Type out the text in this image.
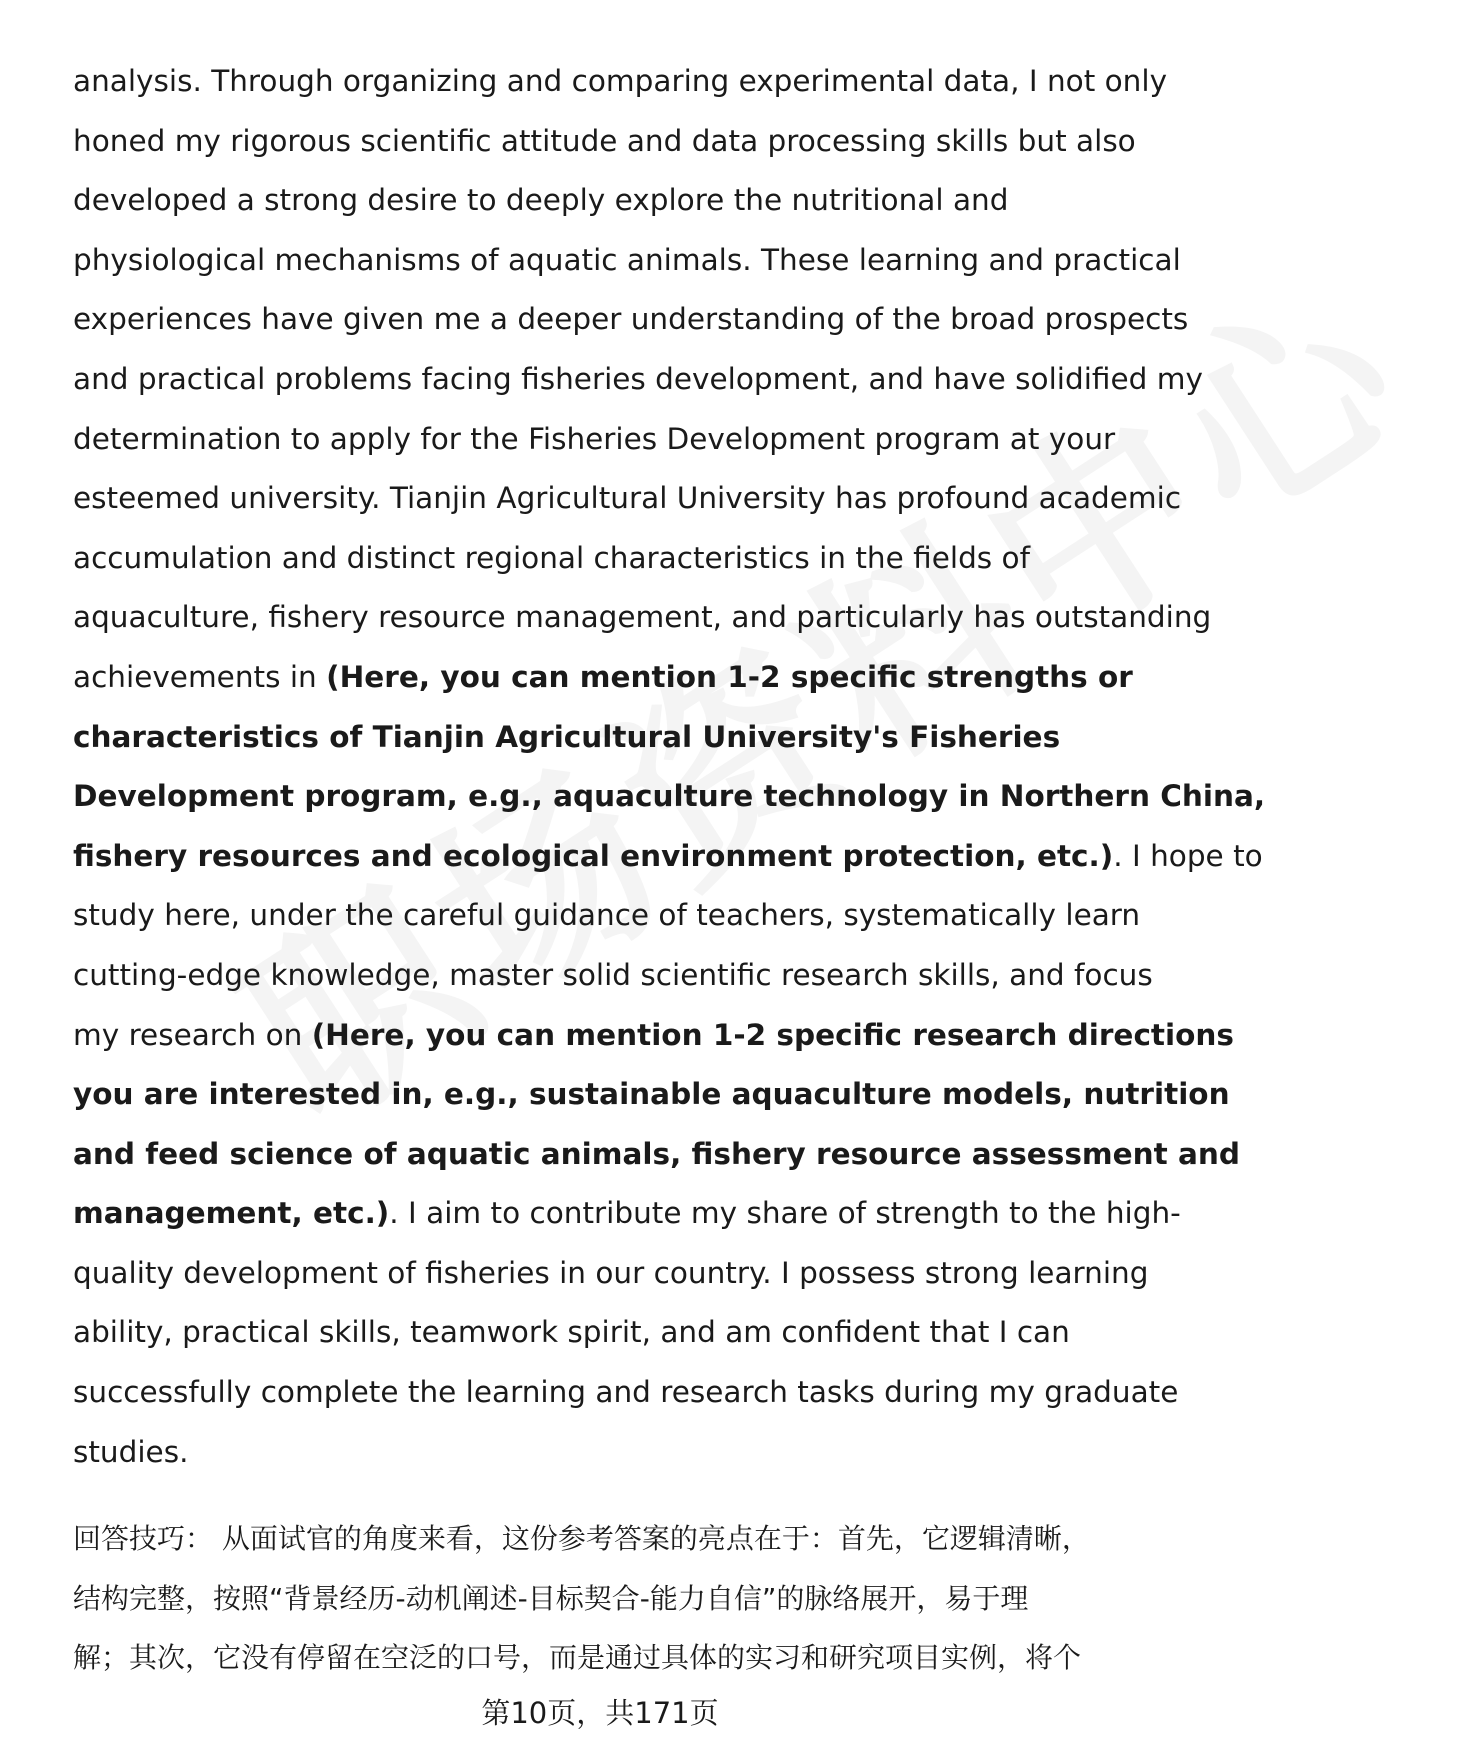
analysis. Through organizing and comparing experimental data, I not only
honed my rigorous scientific attitude and data processing skills but also
developed a strong desire to deeply explore the nutritional and
physiological mechanisms of aquatic animals. These learning and practical
experiences have given me a deeper understanding of the broad prospects
and practical problems facing fisheries development, and have solidified my
determination to apply for the Fisheries Development program at your
esteemed university. Tianjin Agricultural University has profound academic
accumulation and distinct regional characteristics in the fields of
aquaculture, fishery resource management, and particularly has outstanding
achievements in (Here, you can mention 1-2 specific strengths or
characteristics of Tianjin Agricultural University's Fisheries
Development program, e.g., aquaculture technology in Northern China,
fishery resources and ecological environment protection, etc.). I hope to
study here, under the careful guidance of teachers, systematically learn
cutting-edge knowledge, master solid scientific research skills, and focus
my research on (Here, you can mention 1-2 specific research directions
you are interested in, e.g., sustainable aquaculture models, nutrition
and feed science of aquatic animals, fishery resource assessment and
management, etc.). I aim to contribute my share of strength to the high-
quality development of fisheries in our country. I possess strong learning
ability, practical skills, teamwork spirit, and am confident that I can
successfully complete the learning and research tasks during my graduate
studies.
回答技巧： 从面试官的角度来看，这份参考答案的亮点在于：首先，它逻辑清晰，
结构完整，按照“背景经历-动机阐述-目标契合-能力自信”的脉络展开，易于理
解；其次，它没有停留在空泛的口号，而是通过具体的实习和研究项目实例，将个
第10页，共171页
